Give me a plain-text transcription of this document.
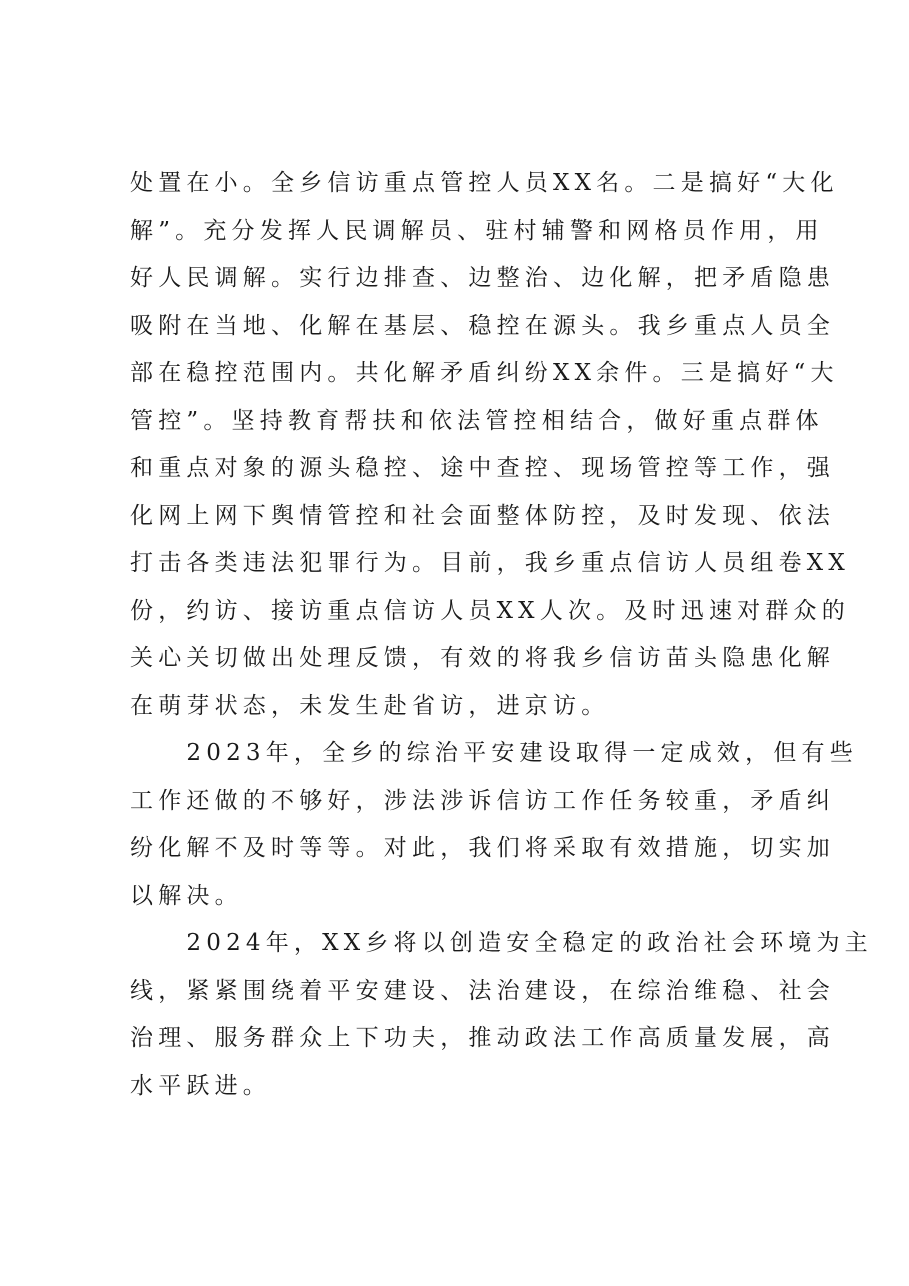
处置在小。全乡信访重点管控人员XX名。二是搞好“大化
解”。充分发挥人民调解员、驻村辅警和网格员作用，用
好人民调解。实行边排查、边整治、边化解，把矛盾隐患
吸附在当地、化解在基层、稳控在源头。我乡重点人员全
部在稳控范围内。共化解矛盾纠纷XX余件。三是搞好“大
管控”。坚持教育帮扶和依法管控相结合，做好重点群体
和重点对象的源头稳控、途中查控、现场管控等工作，强
化网上网下舆情管控和社会面整体防控，及时发现、依法
打击各类违法犯罪行为。目前，我乡重点信访人员组卷XX
份，约访、接访重点信访人员XX人次。及时迅速对群众的
关心关切做出处理反馈，有效的将我乡信访苗头隐患化解
在萌芽状态，未发生赴省访，进京访。
　　2023年，全乡的综治平安建设取得一定成效，但有些
工作还做的不够好，涉法涉诉信访工作任务较重，矛盾纠
纷化解不及时等等。对此，我们将采取有效措施，切实加
以解决。
　　2024年，XX乡将以创造安全稳定的政治社会环境为主
线，紧紧围绕着平安建设、法治建设，在综治维稳、社会
治理、服务群众上下功夫，推动政法工作高质量发展，高
水平跃进。
